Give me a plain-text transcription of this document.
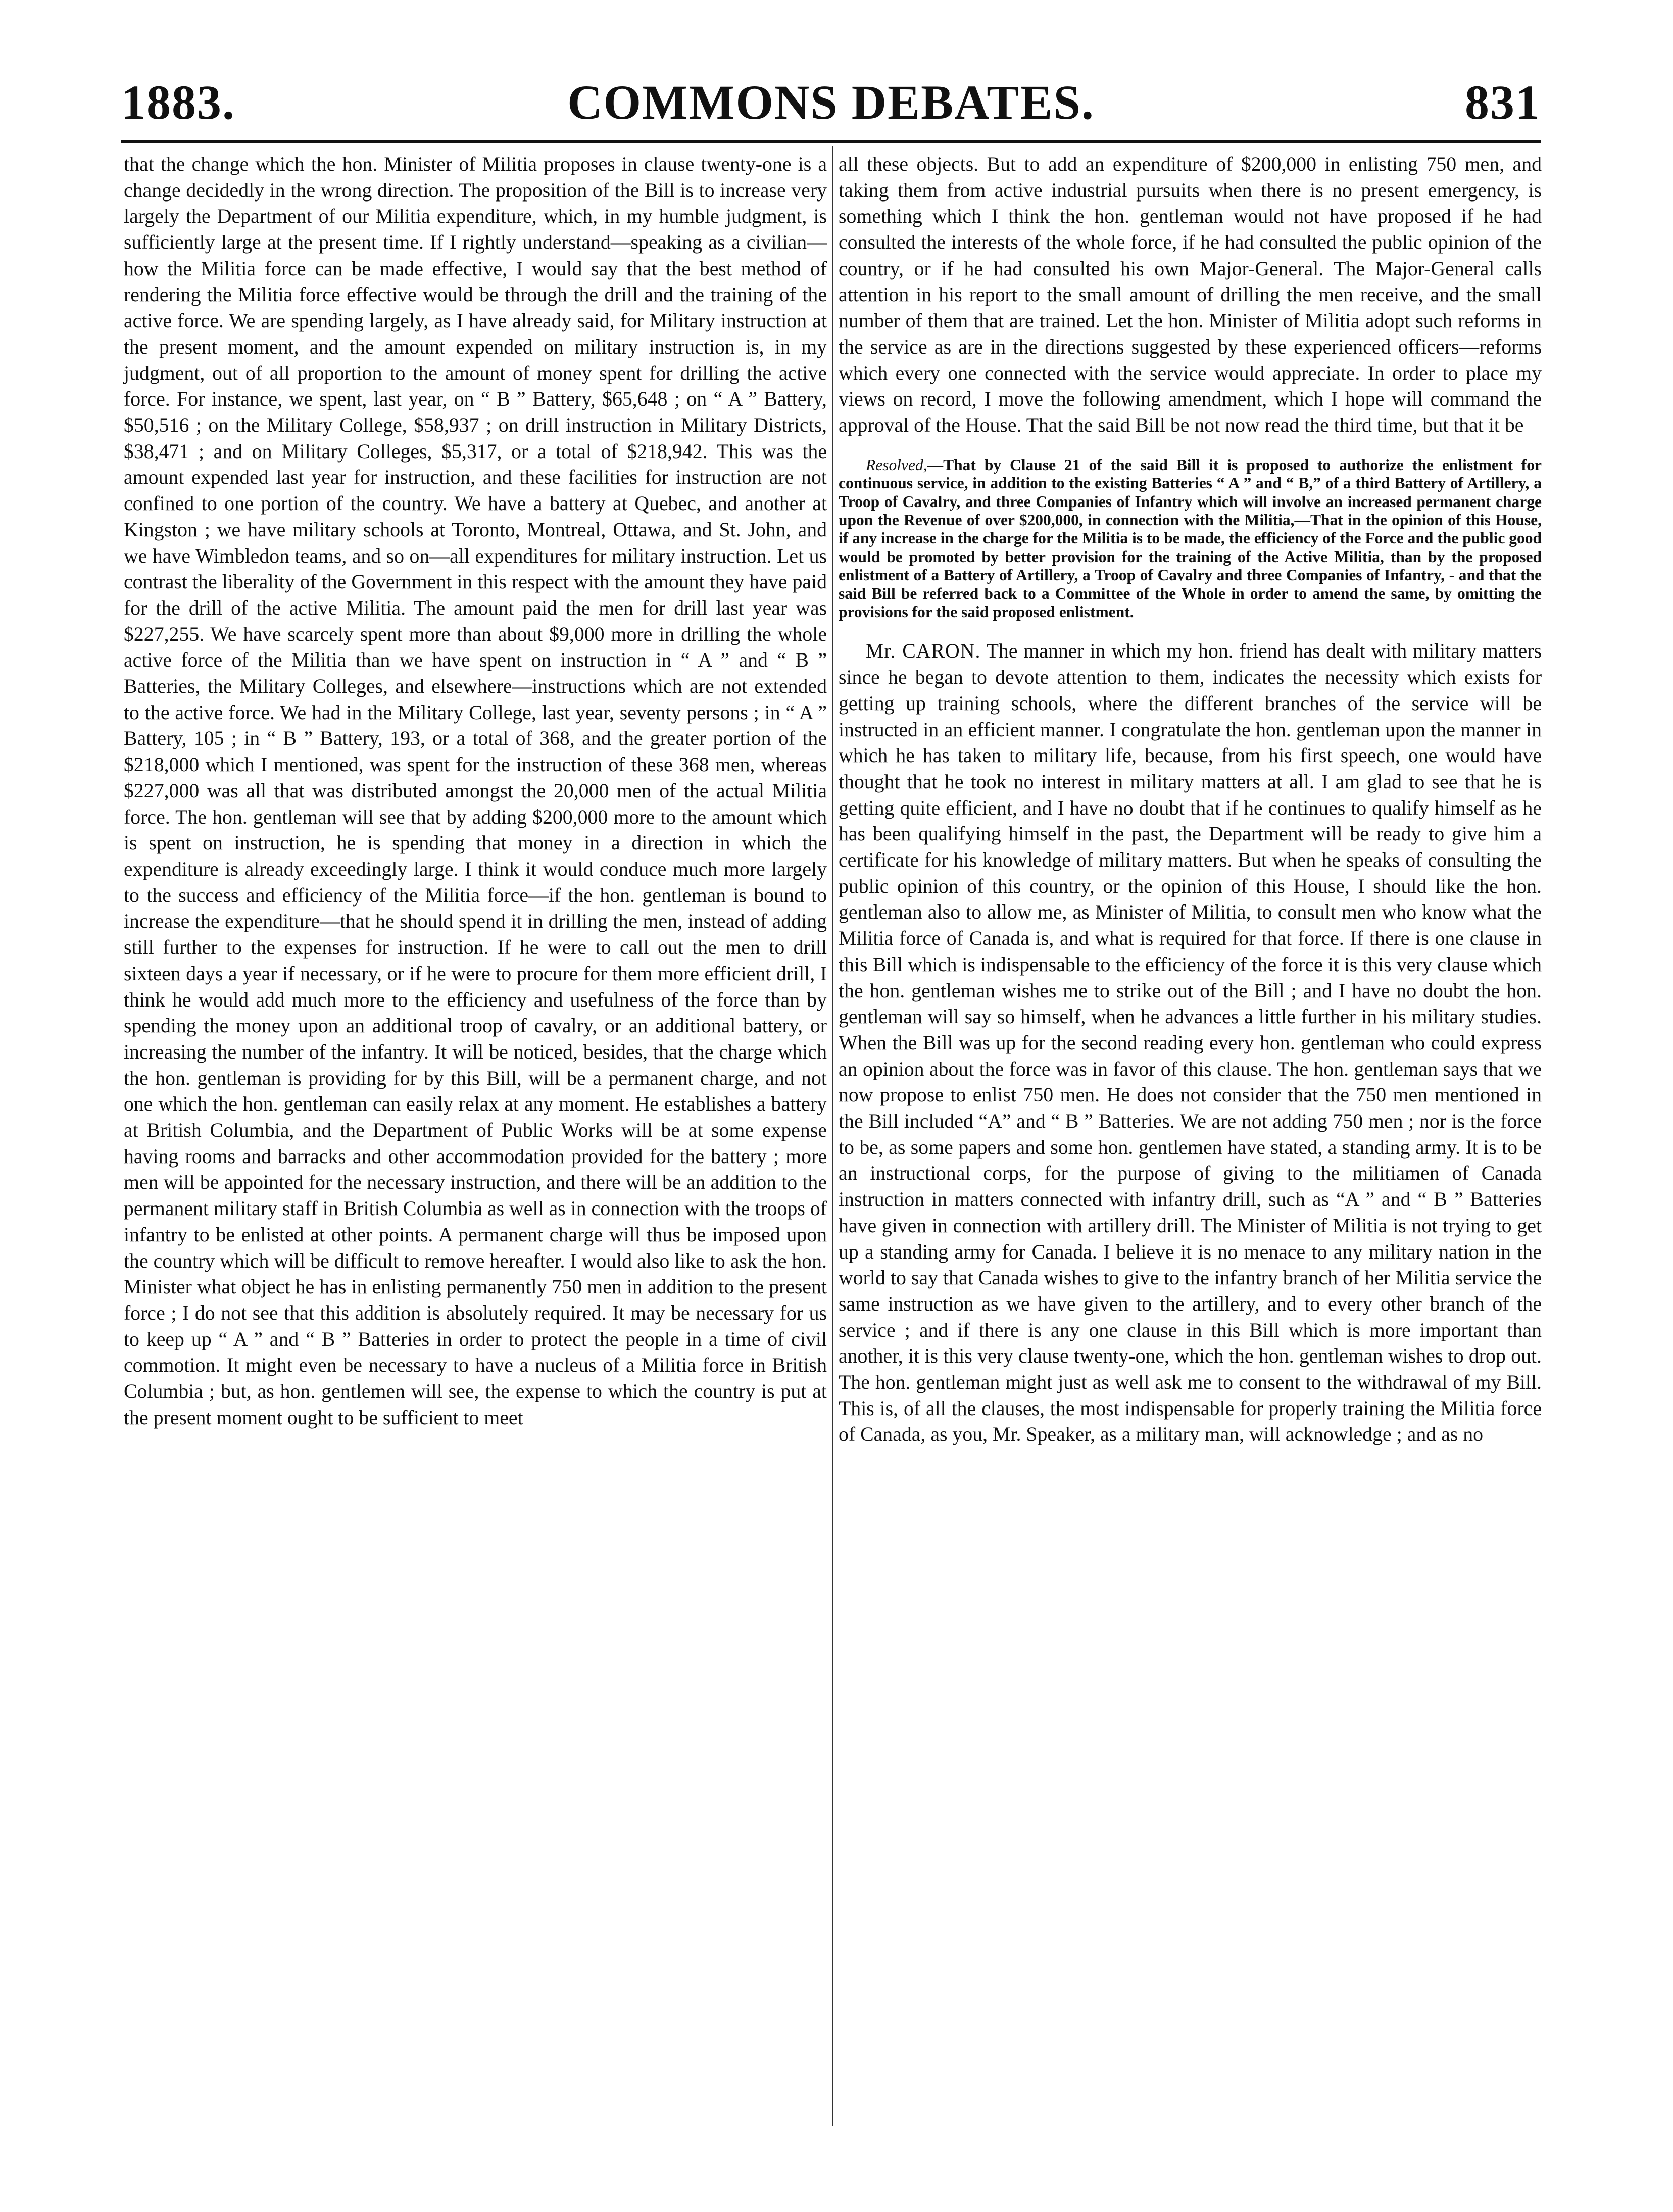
1883.	COMMONS DEBATES.	831

that the change which the hon. Minister of Militia proposes in clause twenty-one is a change decidedly in the wrong direction. The proposition of the Bill is to increase very largely the Department of our Militia expenditure, which, in my humble judgment, is sufficiently large at the present time. If I rightly understand—speaking as a civilian—how the Militia force can be made effective, I would say that the best method of rendering the Militia force effective would be through the drill and the training of the active force. We are spending largely, as I have already said, for Military instruction at the present moment, and the amount expended on military instruction is, in my judgment, out of all proportion to the amount of money spent for drilling the active force. For instance, we spent, last year, on “ B ” Battery, $65,648 ; on “ A ” Battery, $50,516 ; on the Military College, $58,937 ; on drill instruction in Military Districts, $38,471 ; and on Military Colleges, $5,317, or a total of $218,942. This was the amount expended last year for instruction, and these facilities for instruction are not confined to one portion of the country. We have a battery at Quebec, and another at Kingston ; we have military schools at Toronto, Montreal, Ottawa, and St. John, and we have Wimbledon teams, and so on—all expenditures for military instruction. Let us contrast the liberality of the Government in this respect with the amount they have paid for the drill of the active Militia. The amount paid the men for drill last year was $227,255. We have scarcely spent more than about $9,000 more in drilling the whole active force of the Militia than we have spent on instruction in “ A ” and “ B ” Batteries, the Military Colleges, and elsewhere—instructions which are not extended to the active force. We had in the Military College, last year, seventy persons ; in “ A ” Battery, 105 ; in “ B ” Battery, 193, or a total of 368, and the greater portion of the $218,000 which I mentioned, was spent for the instruction of these 368 men, whereas $227,000 was all that was distributed amongst the 20,000 men of the actual Militia force. The hon. gentleman will see that by adding $200,000 more to the amount which is spent on instruction, he is spending that money in a direction in which the expenditure is already exceedingly large. I think it would conduce much more largely to the success and efficiency of the Militia force—if the hon. gentleman is bound to increase the expenditure—that he should spend it in drilling the men, instead of adding still further to the expenses for instruction. If he were to call out the men to drill sixteen days a year if necessary, or if he were to procure for them more efficient drill, I think he would add much more to the efficiency and usefulness of the force than by spending the money upon an additional troop of cavalry, or an additional battery, or increasing the number of the infantry. It will be noticed, besides, that the charge which the hon. gentleman is providing for by this Bill, will be a permanent charge, and not one which the hon. gentleman can easily relax at any moment. He establishes a battery at British Columbia, and the Department of Public Works will be at some expense having rooms and barracks and other accommodation provided for the battery ; more men will be appointed for the necessary instruction, and there will be an addition to the permanent military staff in British Columbia as well as in connection with the troops of infantry to be enlisted at other points. A permanent charge will thus be imposed upon the country which will be difficult to remove hereafter. I would also like to ask the hon. Minister what object he has in enlisting permanently 750 men in addition to the present force ; I do not see that this addition is absolutely required. It may be necessary for us to keep up “ A ” and “ B ” Batteries in order to protect the people in a time of civil commotion. It might even be necessary to have a nucleus of a Militia force in British Columbia ; but, as hon. gentlemen will see, the expense to which the country is put at the present moment ought to be sufficient to meet

all these objects. But to add an expenditure of $200,000 in enlisting 750 men, and taking them from active industrial pursuits when there is no present emergency, is something which I think the hon. gentleman would not have proposed if he had consulted the interests of the whole force, if he had consulted the public opinion of the country, or if he had consulted his own Major-General. The Major-General calls attention in his report to the small amount of drilling the men receive, and the small number of them that are trained. Let the hon. Minister of Militia adopt such reforms in the service as are in the directions suggested by these experienced officers—reforms which every one connected with the service would appreciate. In order to place my views on record, I move the following amendment, which I hope will command the approval of the House. That the said Bill be not now read the third time, but that it be

Resolved,—That by Clause 21 of the said Bill it is proposed to authorize the enlistment for continuous service, in addition to the existing Batteries “ A ” and “ B,” of a third Battery of Artillery, a Troop of Cavalry, and three Companies of Infantry which will involve an increased permanent charge upon the Revenue of over $200,000, in connection with the Militia,—That in the opinion of this House, if any increase in the charge for the Militia is to be made, the efficiency of the Force and the public good would be promoted by better provision for the training of the Active Militia, than by the proposed enlistment of a Battery of Artillery, a Troop of Cavalry and three Companies of Infantry, - and that the said Bill be referred back to a Committee of the Whole in order to amend the same, by omitting the provisions for the said proposed enlistment.

Mr. CARON. The manner in which my hon. friend has dealt with military matters since he began to devote attention to them, indicates the necessity which exists for getting up training schools, where the different branches of the service will be instructed in an efficient manner. I congratulate the hon. gentleman upon the manner in which he has taken to military life, because, from his first speech, one would have thought that he took no interest in military matters at all. I am glad to see that he is getting quite efficient, and I have no doubt that if he continues to qualify himself as he has been qualifying himself in the past, the Department will be ready to give him a certificate for his knowledge of military matters. But when he speaks of consulting the public opinion of this country, or the opinion of this House, I should like the hon. gentleman also to allow me, as Minister of Militia, to consult men who know what the Militia force of Canada is, and what is required for that force. If there is one clause in this Bill which is indispensable to the efficiency of the force it is this very clause which the hon. gentleman wishes me to strike out of the Bill ; and I have no doubt the hon. gentleman will say so himself, when he advances a little further in his military studies. When the Bill was up for the second reading every hon. gentleman who could express an opinion about the force was in favor of this clause. The hon. gentleman says that we now propose to enlist 750 men. He does not consider that the 750 men mentioned in the Bill included “A” and “ B ” Batteries. We are not adding 750 men ; nor is the force to be, as some papers and some hon. gentlemen have stated, a standing army. It is to be an instructional corps, for the purpose of giving to the militiamen of Canada instruction in matters connected with infantry drill, such as “A ” and “ B ” Batteries have given in connection with artillery drill. The Minister of Militia is not trying to get up a standing army for Canada. I believe it is no menace to any military nation in the world to say that Canada wishes to give to the infantry branch of her Militia service the same instruction as we have given to the artillery, and to every other branch of the service ; and if there is any one clause in this Bill which is more important than another, it is this very clause twenty-one, which the hon. gentleman wishes to drop out. The hon. gentleman might just as well ask me to consent to the withdrawal of my Bill. This is, of all the clauses, the most indispensable for properly training the Militia force of Canada, as you, Mr. Speaker, as a military man, will acknowledge ; and as no
